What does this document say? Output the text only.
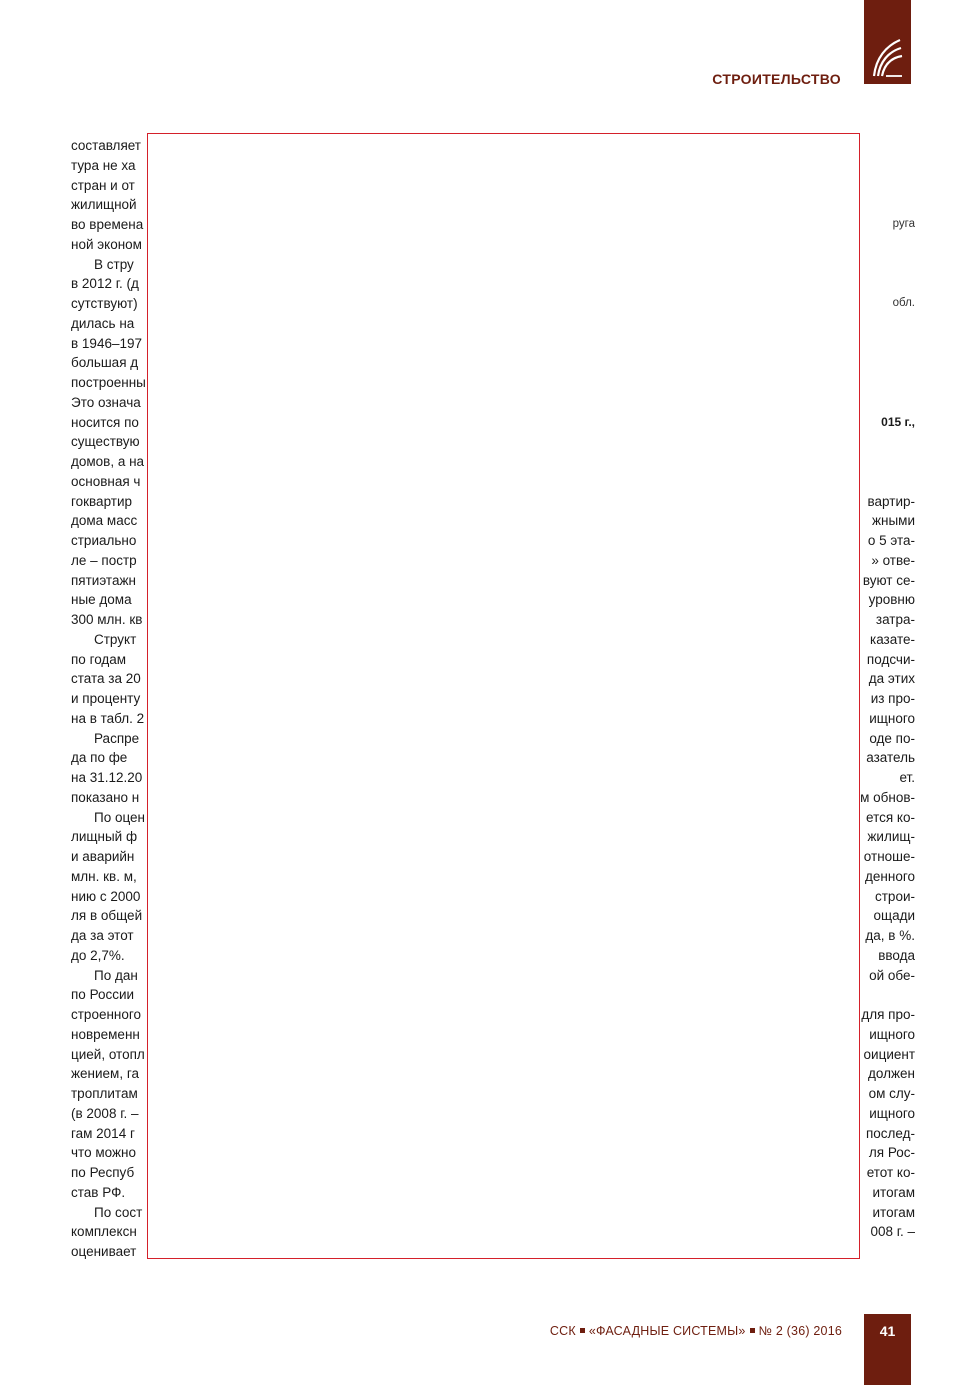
СТРОИТЕЛЬСТВО
составляет
тура не ха
стран и от
жилищной
во времена
ной эконом
В стру
в 2012 г. (д
сутствуют)
дилась на
в 1946–197
большая д
построенны
Это означа
носится по
существую
домов, а на
основная ч
гоквартир
дома масс
стриально
ле – постр
пятиэтажн
ные дома
300 млн. кв
Структ
по годам
стата за 20
и проценту
на в табл. 2
Распре
да по фе
на 31.12.20
показано н
По оцен
лищный ф
и аварийн
млн. кв. м,
нию с 2000
ля в общей
да за этот
до 2,7%.
По дан
по России
строенного
новременн
цией, отопл
жением, га
троплитам
(в 2008 г. –
гам 2014 г
что можно
по Респуб
став РФ.
По сост
комплексн
оценивает
руга
обл.
015 г.,
вартир-
жными
о 5 эта-
» отве-
вуют се-
уровню
затра-
казате-
подсчи-
да этих
из про-
ищного
оде по-
азатель
ет.
м обнов-
ется ко-
жилищ-
отноше-
денного
строи-
ощади
да, в %.
ввода
ой обе-
для про-
ищного
оициент
должен
ом слу-
ищного
послед-
ля Рос-
етот ко-
итогам
итогам
008 г. –
ССК «ФАСАДНЫЕ СИСТЕМЫ» № 2 (36) 2016	41
